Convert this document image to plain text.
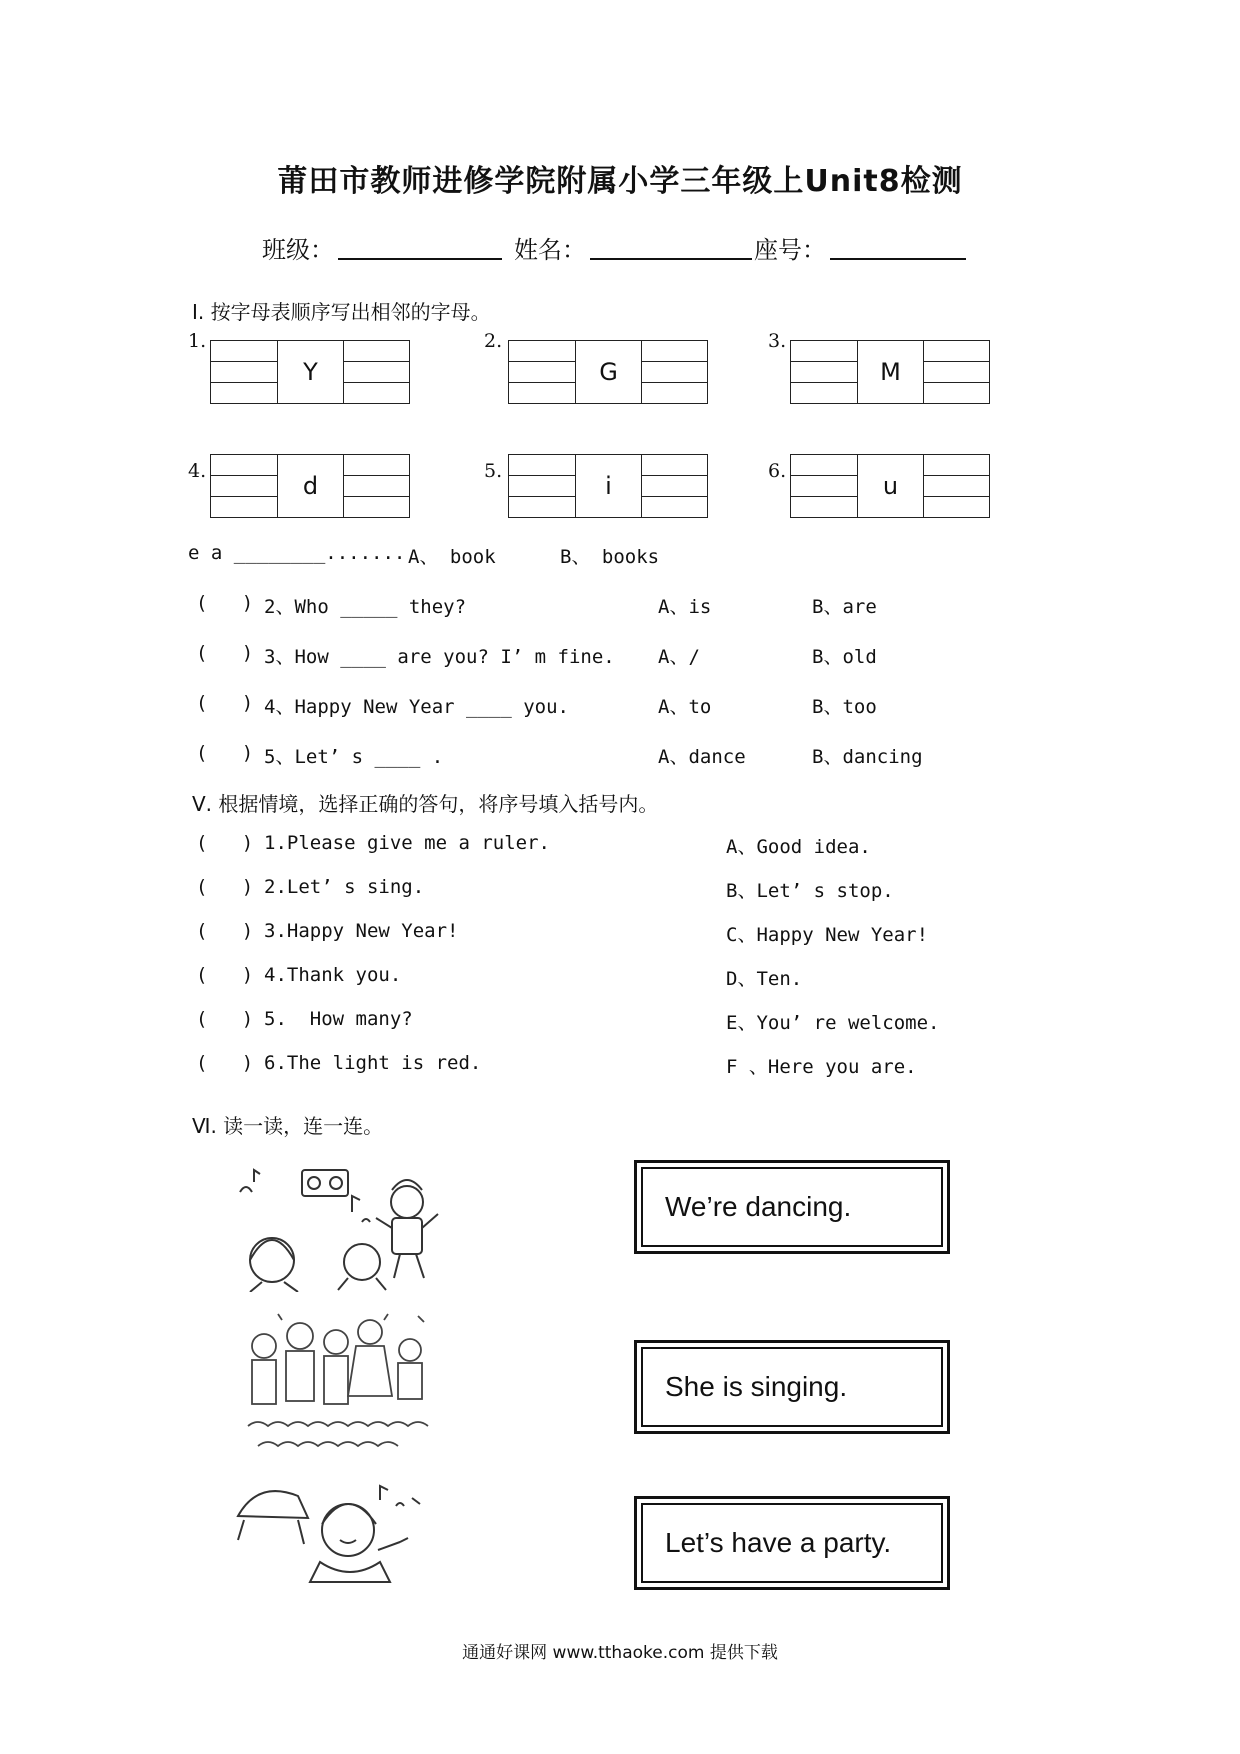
莆田市教师进修学院附属小学三年级上Unit8检测
班级：	姓名：	座号：
Ⅰ. 按字母表顺序写出相邻的字母。
1.
Y
2.
G
3.
M
4.
d
5.
i
6.
u
e a ________....... A、 book	B、 books
(   ) 2、Who _____ they?	A、is	B、are
(   ) 3、How ____ are you? I’ m fine. A、/	B、old
(   ) 4、Happy New Year ____ you.	A、to	B、too
(   ) 5、Let’ s ____ .	A、dance	B、dancing
Ⅴ. 根据情境，选择正确的答句，将序号填入括号内。
(   ) 1.Please give me a ruler.	A、Good idea.
(   ) 2.Let’ s sing.	B、Let’ s stop.
(   ) 3.Happy New Year!	C、Happy New Year!
(   ) 4.Thank you.	D、Ten.
(   ) 5.  How many?	E、You’ re welcome.
(   ) 6.The light is red.	F 、Here you are.
Ⅵ. 读一读，连一连。
We’re dancing.
She is singing.
Let’s have a party.
通通好课网 www.tthaoke.com 提供下载
